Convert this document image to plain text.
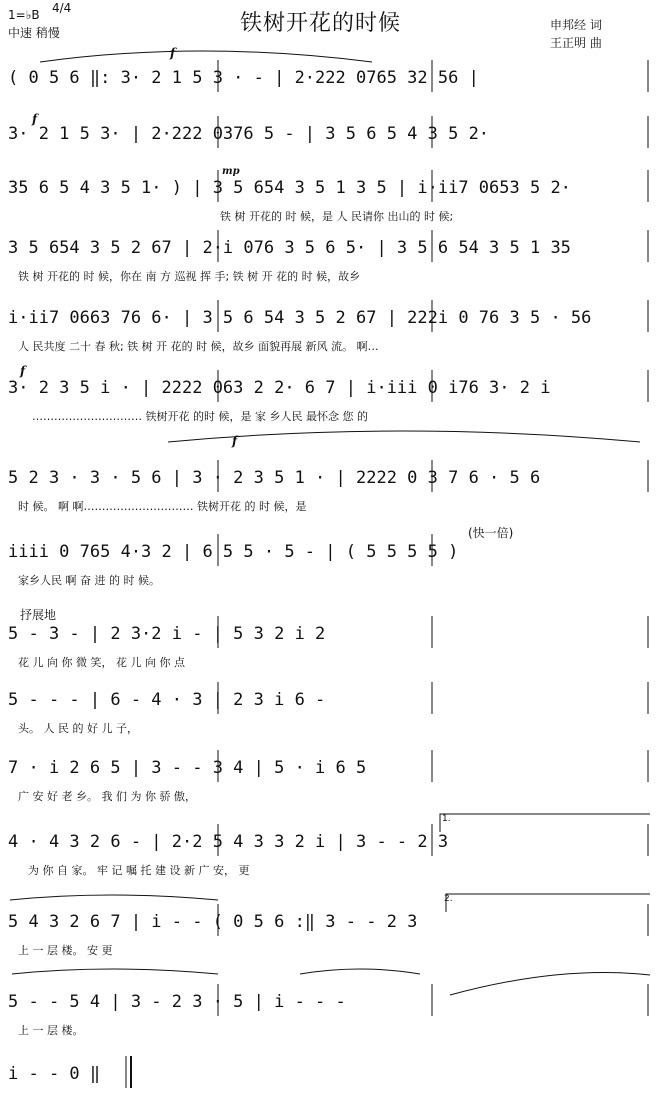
1=♭B 4/4
中速 稍慢	铁树开花的时候	申邦经 词
王正明 曲
( 0 5 6 ‖: 3· 2 1 5 3 · - | 2·222 0765 32 56 |
f
3· 2 1 5 3· | 2·222 0376 5 - | 3 5 6 5 4 3 5 2·
f
35 6 5 4 3 5 1· ) | 3 5 654 3 5 1 3 5 | i·ii7 0653 5 2·
mp
铁 树 开花的 时 候，是 人 民请你 出山的 时 候;
3 5 654 3 5 2 67 | 2·i 076 3 5 6 5· | 3 5 6 54 3 5 1 35
铁 树 开花的 时 候，你在 南 方 巡视 挥 手; 铁 树 开 花的 时 候，故乡
i·ii7 0663 76 6· | 3 5 6 54 3 5 2 67 | 222i 0 76 3 5 · 56
人 民共度 二十 春 秋; 铁 树 开 花的 时 候，故乡 面貌再展 新风 流。 啊…
3· 2 3 5 i · | 2222 063 2 2· 6 7 | i·iii 0 i76 3· 2 i
f
………………………… 铁树开花 的时 候，是 家 乡人民 最怀念 您 的
5 2 3 · 3 · 5 6 | 3 · 2 3 5 1 · | 2222 0 3 7 6 · 5 6
f
时 候。 啊 啊………………………… 铁树开花 的 时 候，是
iiii 0 765 4·3 2 | 6 5 5 · 5 - | ( 5 5 5 5 )
(快一倍)
家乡人民 啊 奋 进 的 时 候。
5 - 3 - | 2 3·2 i - | 5 3 2 i 2
抒展地
花 儿 向 你 微 笑， 花 儿 向 你 点
5 - - - | 6 - 4 · 3 | 2 3 i 6 -
头。 人 民 的 好 儿 子，
7 · i 2 6 5 | 3 - - 3 4 | 5 · i 6 5
广 安 好 老 乡。 我 们 为 你 骄 傲，
4 · 4 3 2 6 - | 2·2 5 4 3 3 2 i | 3 - - 2 3
1.
为 你 自 家。 牢 记 嘱 托 建 设 新 广 安， 更
5 4 3 2 6 7 | i - - ( 0 5 6 :‖ 3 - - 2 3
2.
上 一 层 楼。 安 更
5 - - 5 4 | 3 - 2 3 · 5 | i - - -
上 一 层 楼。
i - - 0 ‖
